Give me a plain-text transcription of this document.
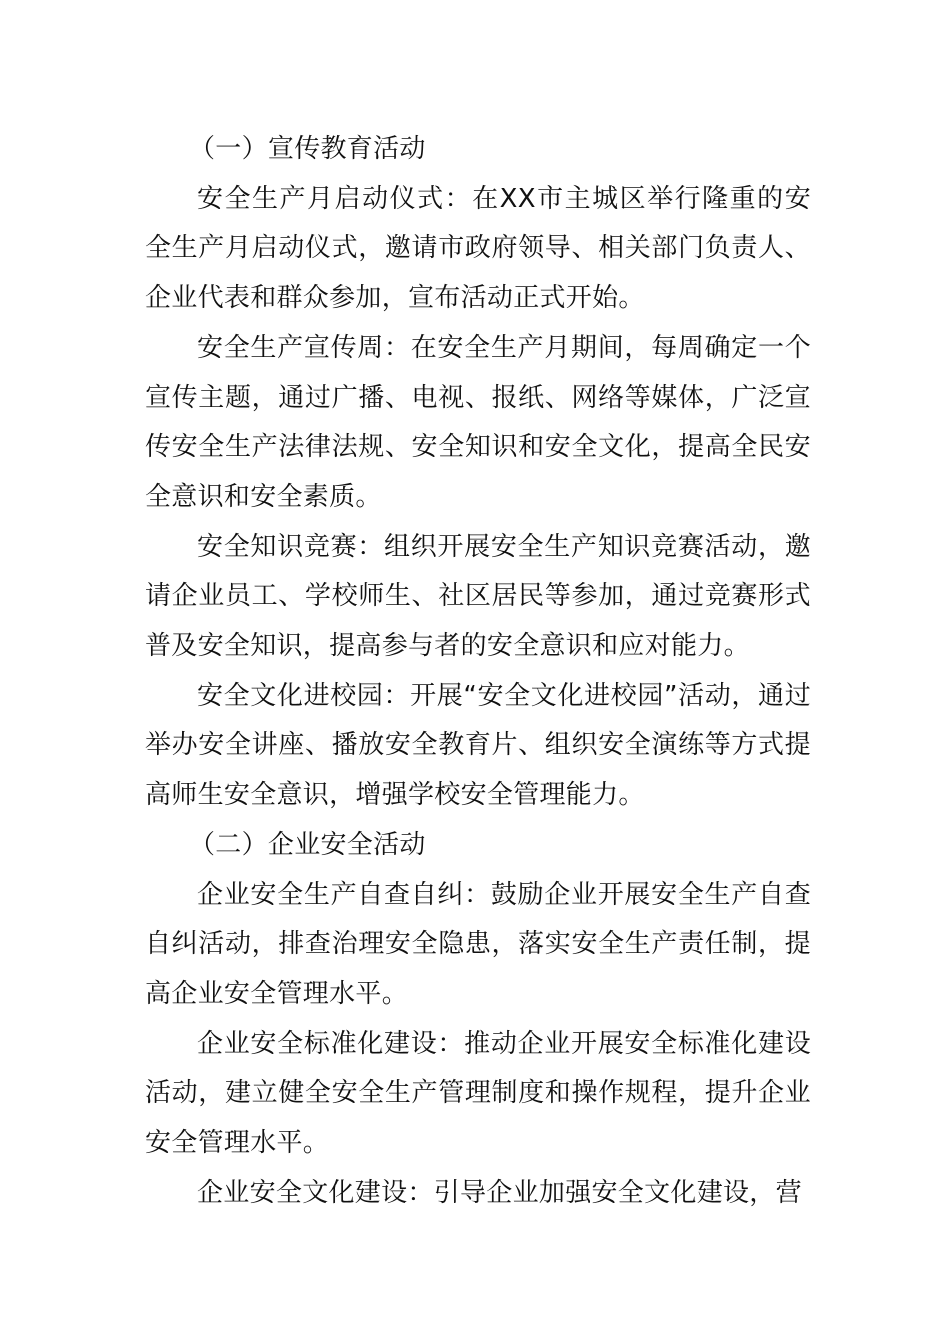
（一）宣传教育活动

安全生产月启动仪式：在XX市主城区举行隆重的安全生产月启动仪式，邀请市政府领导、相关部门负责人、企业代表和群众参加，宣布活动正式开始。

安全生产宣传周：在安全生产月期间，每周确定一个宣传主题，通过广播、电视、报纸、网络等媒体，广泛宣传安全生产法律法规、安全知识和安全文化，提高全民安全意识和安全素质。

安全知识竞赛：组织开展安全生产知识竞赛活动，邀请企业员工、学校师生、社区居民等参加，通过竞赛形式普及安全知识，提高参与者的安全意识和应对能力。

安全文化进校园：开展“安全文化进校园”活动，通过举办安全讲座、播放安全教育片、组织安全演练等方式提高师生安全意识，增强学校安全管理能力。

（二）企业安全活动

企业安全生产自查自纠：鼓励企业开展安全生产自查自纠活动，排查治理安全隐患，落实安全生产责任制，提高企业安全管理水平。

企业安全标准化建设：推动企业开展安全标准化建设活动，建立健全安全生产管理制度和操作规程，提升企业安全管理水平。

企业安全文化建设：引导企业加强安全文化建设，营
